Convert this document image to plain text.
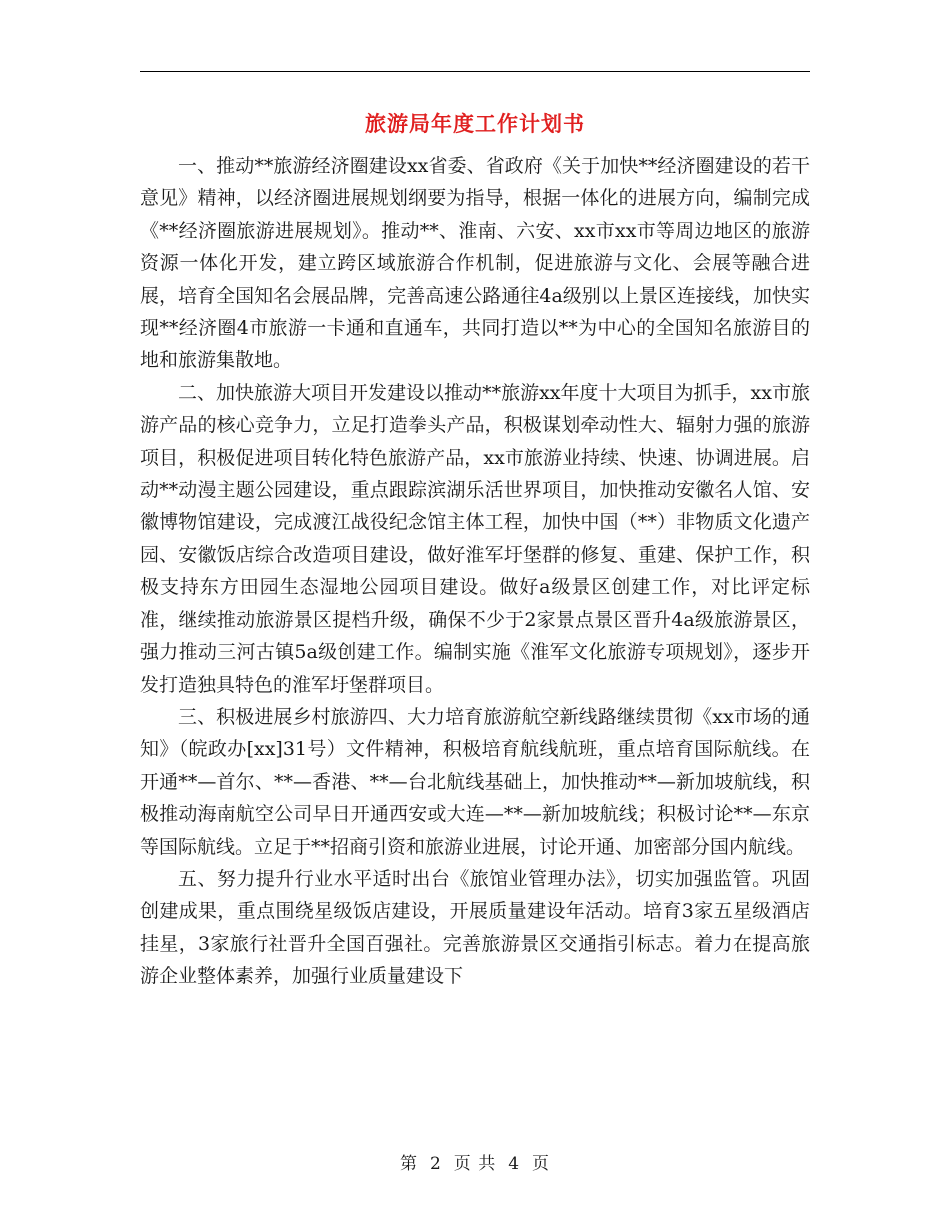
旅游局年度工作计划书

一、推动**旅游经济圈建设xx省委、省政府《关于加快**经济圈建设的若干意见》精神，以经济圈进展规划纲要为指导，根据一体化的进展方向，编制完成《**经济圈旅游进展规划》。推动**、淮南、六安、xx市xx市等周边地区的旅游资源一体化开发，建立跨区域旅游合作机制，促进旅游与文化、会展等融合进展，培育全国知名会展品牌，完善高速公路通往4a级别以上景区连接线，加快实现**经济圈4市旅游一卡通和直通车，共同打造以**为中心的全国知名旅游目的地和旅游集散地。

二、加快旅游大项目开发建设以推动**旅游xx年度十大项目为抓手，xx市旅游产品的核心竞争力，立足打造拳头产品，积极谋划牵动性大、辐射力强的旅游项目，积极促进项目转化特色旅游产品，xx市旅游业持续、快速、协调进展。启动**动漫主题公园建设，重点跟踪滨湖乐活世界项目，加快推动安徽名人馆、安徽博物馆建设，完成渡江战役纪念馆主体工程，加快中国（**）非物质文化遗产园、安徽饭店综合改造项目建设，做好淮军圩堡群的修复、重建、保护工作，积极支持东方田园生态湿地公园项目建设。做好a级景区创建工作，对比评定标准，继续推动旅游景区提档升级，确保不少于2家景点景区晋升4a级旅游景区，强力推动三河古镇5a级创建工作。编制实施《淮军文化旅游专项规划》，逐步开发打造独具特色的淮军圩堡群项目。

三、积极进展乡村旅游四、大力培育旅游航空新线路继续贯彻《xx市场的通知》（皖政办[xx]31号）文件精神，积极培育航线航班，重点培育国际航线。在开通**—首尔、**—香港、**—台北航线基础上，加快推动**—新加坡航线，积极推动海南航空公司早日开通西安或大连—**—新加坡航线；积极讨论**—东京等国际航线。立足于**招商引资和旅游业进展，讨论开通、加密部分国内航线。

五、努力提升行业水平适时出台《旅馆业管理办法》，切实加强监管。巩固创建成果，重点围绕星级饭店建设，开展质量建设年活动。培育3家五星级酒店挂星，3家旅行社晋升全国百强社。完善旅游景区交通指引标志。着力在提高旅游企业整体素养，加强行业质量建设下

第 2 页 共 4 页
